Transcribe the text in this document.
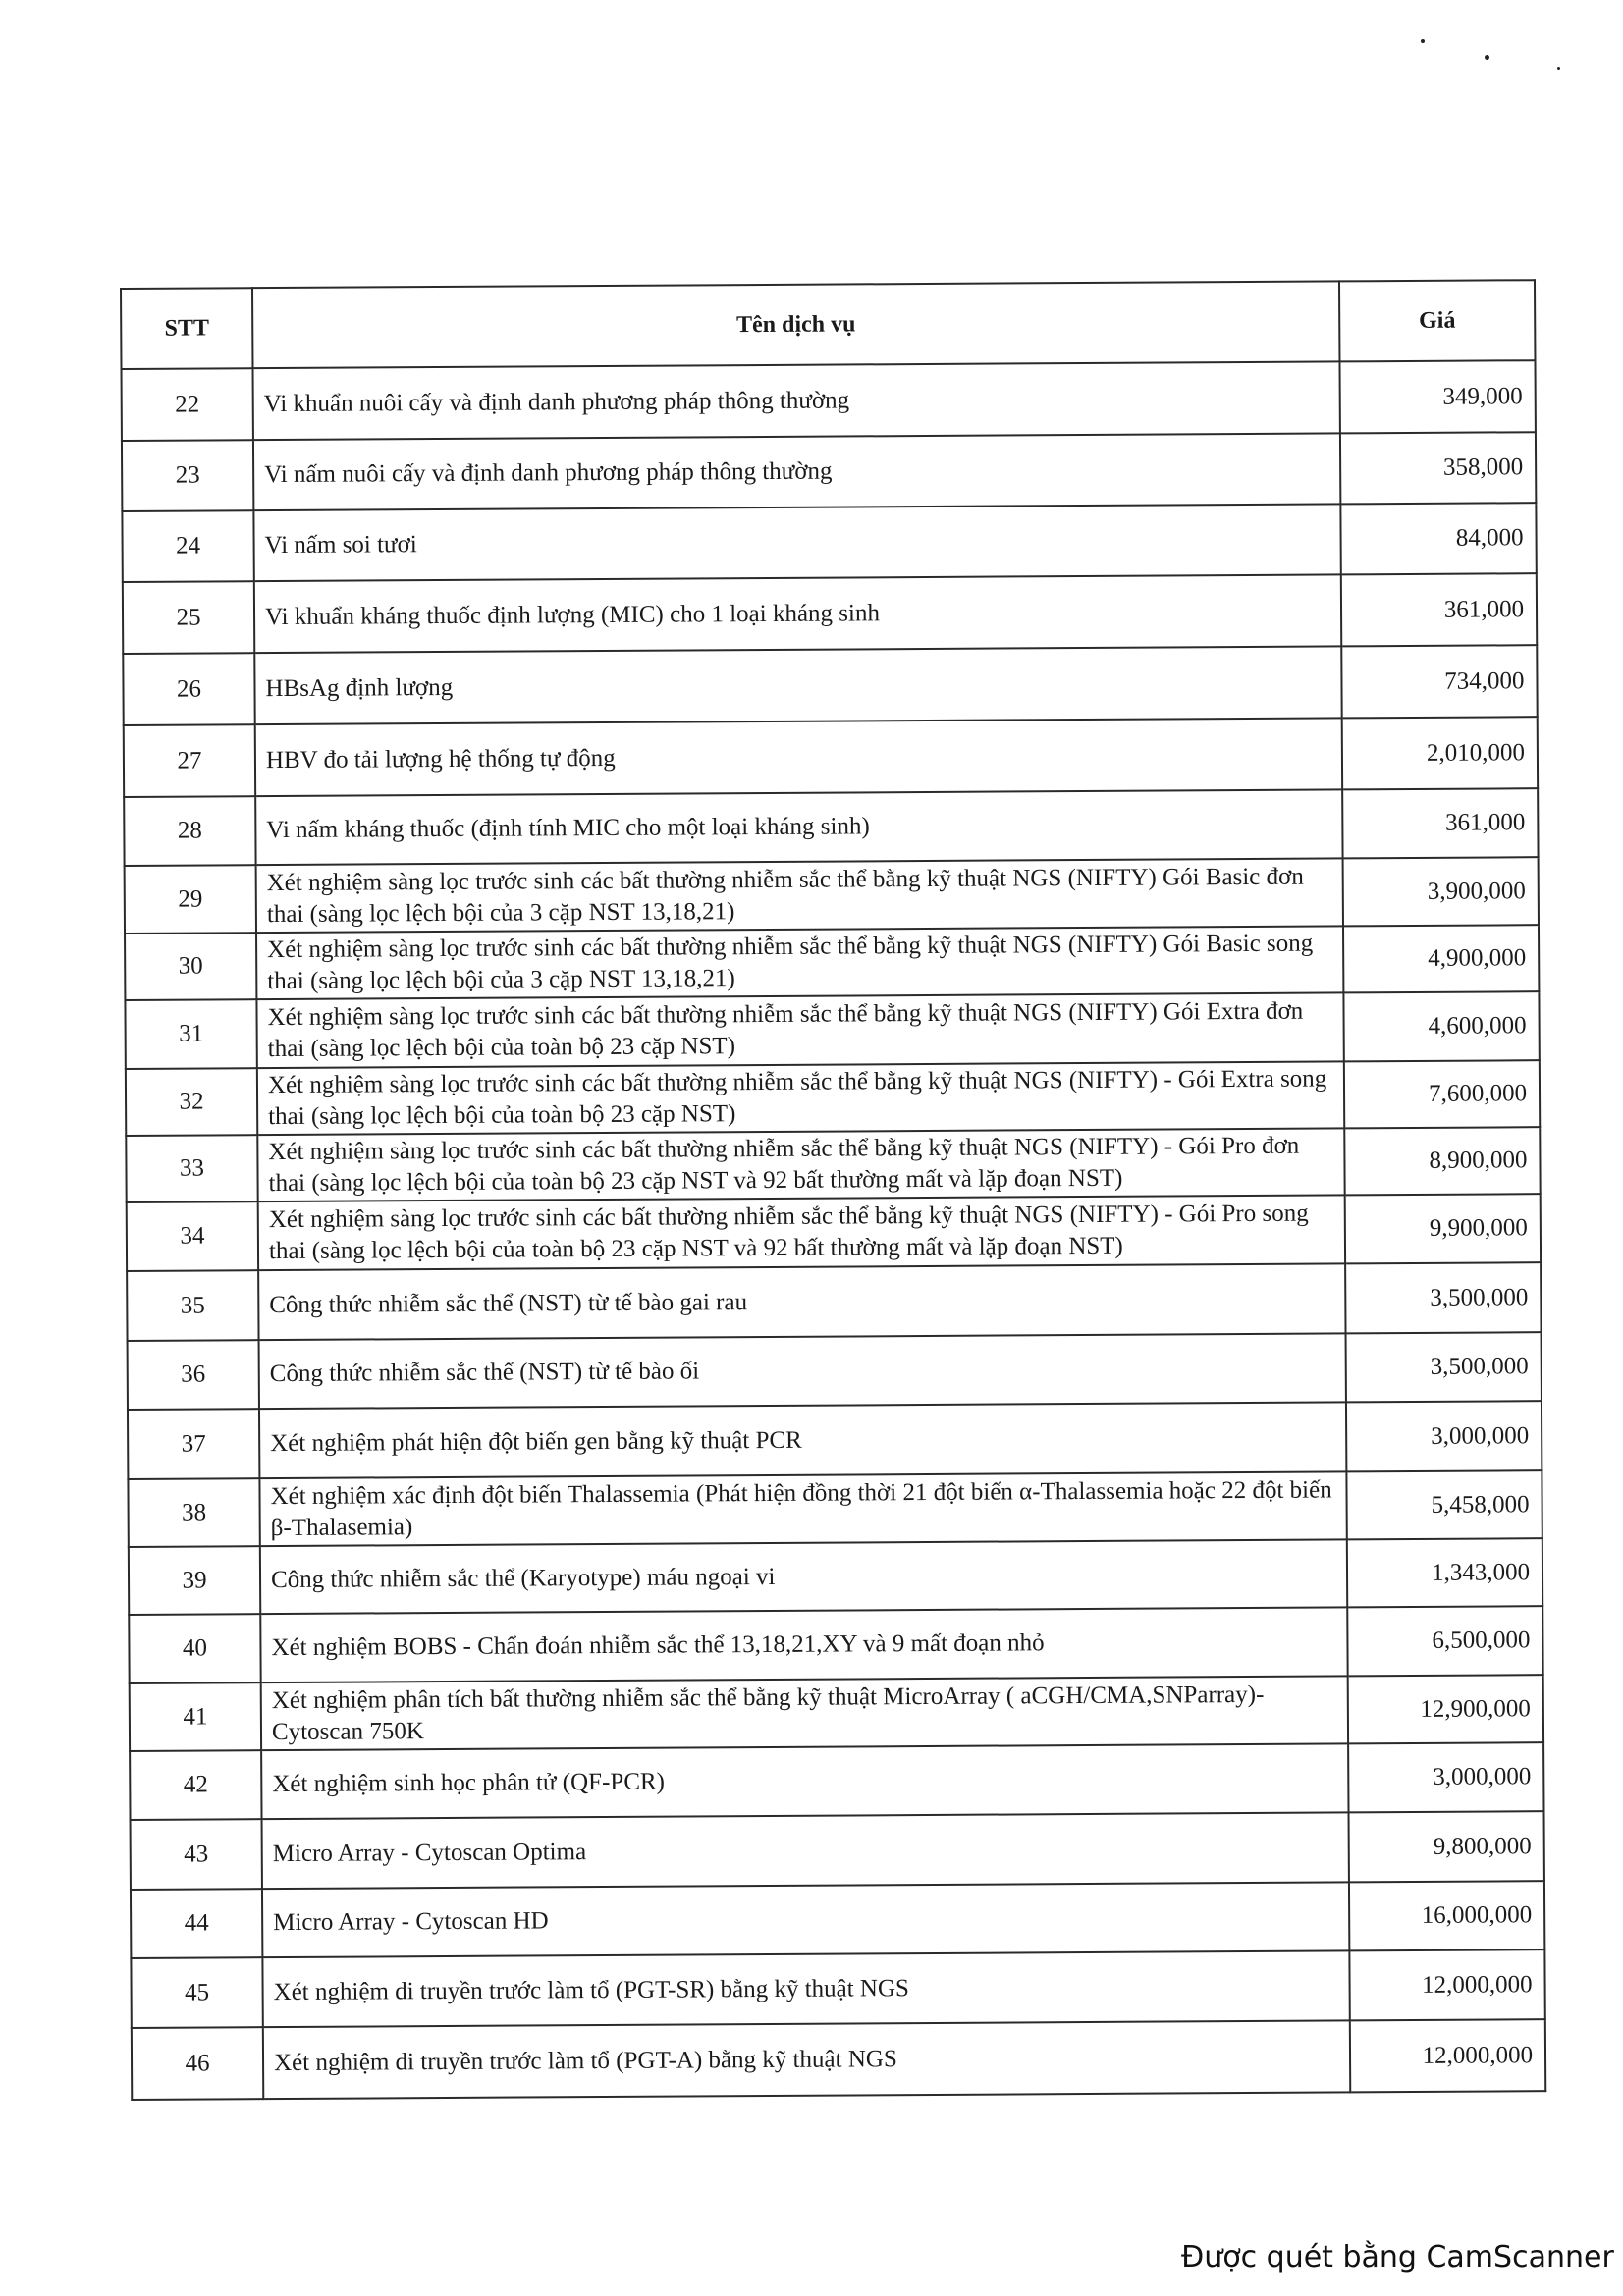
STT	Tên dịch vụ	Giá
22	Vi khuẩn nuôi cấy và định danh phương pháp thông thường	349,000
23	Vi nấm nuôi cấy và định danh phương pháp thông thường	358,000
24	Vi nấm soi tươi	84,000
25	Vi khuẩn kháng thuốc định lượng (MIC) cho 1 loại kháng sinh	361,000
26	HBsAg định lượng	734,000
27	HBV đo tải lượng hệ thống tự động	2,010,000
28	Vi nấm kháng thuốc (định tính MIC cho một loại kháng sinh)	361,000
29	Xét nghiệm sàng lọc trước sinh các bất thường nhiễm sắc thể bằng kỹ thuật NGS (NIFTY) Gói Basic đơn thai (sàng lọc lệch bội của 3 cặp NST 13,18,21)	3,900,000
30	Xét nghiệm sàng lọc trước sinh các bất thường nhiễm sắc thể bằng kỹ thuật NGS (NIFTY) Gói Basic song thai (sàng lọc lệch bội của 3 cặp NST 13,18,21)	4,900,000
31	Xét nghiệm sàng lọc trước sinh các bất thường nhiễm sắc thể bằng kỹ thuật NGS (NIFTY) Gói Extra đơn thai (sàng lọc lệch bội của toàn bộ 23 cặp NST)	4,600,000
32	Xét nghiệm sàng lọc trước sinh các bất thường nhiễm sắc thể bằng kỹ thuật NGS (NIFTY) - Gói Extra song thai (sàng lọc lệch bội của toàn bộ 23 cặp NST)	7,600,000
33	Xét nghiệm sàng lọc trước sinh các bất thường nhiễm sắc thể bằng kỹ thuật NGS (NIFTY) - Gói Pro đơn thai (sàng lọc lệch bội của toàn bộ 23 cặp NST và 92 bất thường mất và lặp đoạn NST)	8,900,000
34	Xét nghiệm sàng lọc trước sinh các bất thường nhiễm sắc thể bằng kỹ thuật NGS (NIFTY) - Gói Pro song thai (sàng lọc lệch bội của toàn bộ 23 cặp NST và 92 bất thường mất và lặp đoạn NST)	9,900,000
35	Công thức nhiễm sắc thể (NST) từ tế bào gai rau	3,500,000
36	Công thức nhiễm sắc thể (NST) từ tế bào ối	3,500,000
37	Xét nghiệm phát hiện đột biến gen bằng kỹ thuật PCR	3,000,000
38	Xét nghiệm xác định đột biến Thalassemia (Phát hiện đồng thời 21 đột biến α-Thalassemia hoặc 22 đột biến β-Thalasemia)	5,458,000
39	Công thức nhiễm sắc thể (Karyotype) máu ngoại vi	1,343,000
40	Xét nghiệm BOBS - Chẩn đoán nhiễm sắc thể 13,18,21,XY và 9 mất đoạn nhỏ	6,500,000
41	Xét nghiệm phân tích bất thường nhiễm sắc thể bằng kỹ thuật MicroArray ( aCGH/CMA,SNParray)-Cytoscan 750K	12,900,000
42	Xét nghiệm sinh học phân tử (QF-PCR)	3,000,000
43	Micro Array - Cytoscan Optima	9,800,000
44	Micro Array - Cytoscan HD	16,000,000
45	Xét nghiệm di truyền trước làm tổ (PGT-SR) bằng kỹ thuật NGS	12,000,000
46	Xét nghiệm di truyền trước làm tổ (PGT-A) bằng kỹ thuật NGS	12,000,000
Được quét bằng CamScanner
